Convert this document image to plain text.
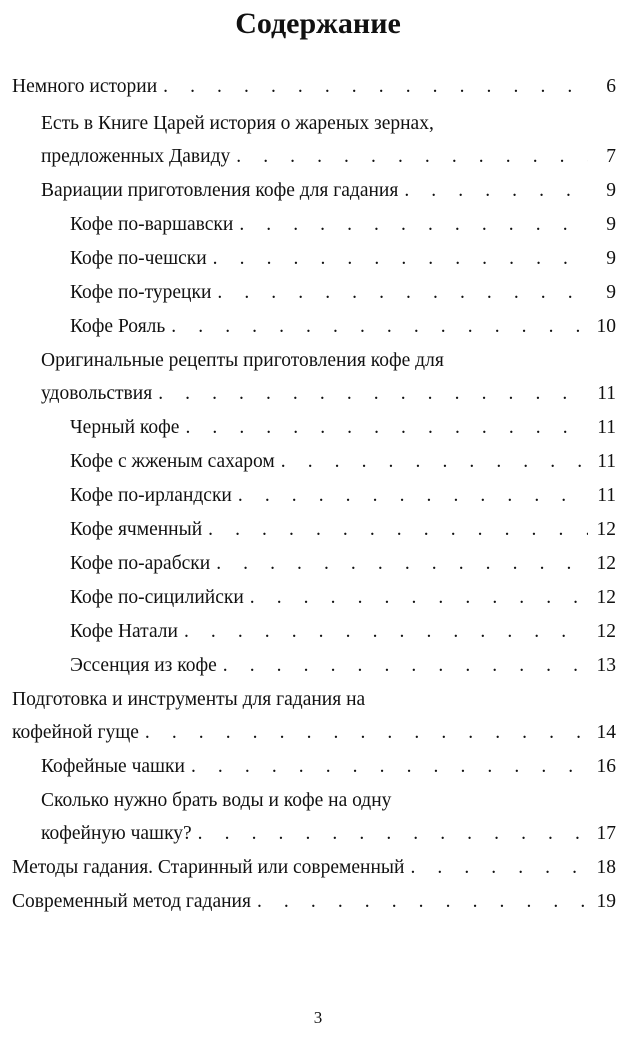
Содержание
Немного истории . . .	6
Есть в Книге Царей история о жареных зернах,
предложенных Давиду . . .	7
Вариации приготовления кофе для гадания . . .	9
Кофе по-варшавски . . .	9
Кофе по-чешски . . .	9
Кофе по-турецки . . .	9
Кофе Рояль . . .	10
Оригинальные рецепты приготовления кофе для
удовольствия . . .	11
Черный кофе . . .	11
Кофе с жженым сахаром . . .	11
Кофе по-ирландски . . .	11
Кофе ячменный . . .	12
Кофе по-арабски . . .	12
Кофе по-сицилийски . . .	12
Кофе Натали . . .	12
Эссенция из кофе . . .	13
Подготовка и инструменты для гадания на
кофейной гуще . . .	14
Кофейные чашки . . .	16
Сколько нужно брать воды и кофе на одну
кофейную чашку? . . .	17
Методы гадания. Старинный или современный . . .	18
Современный метод гадания . . .	19
3
